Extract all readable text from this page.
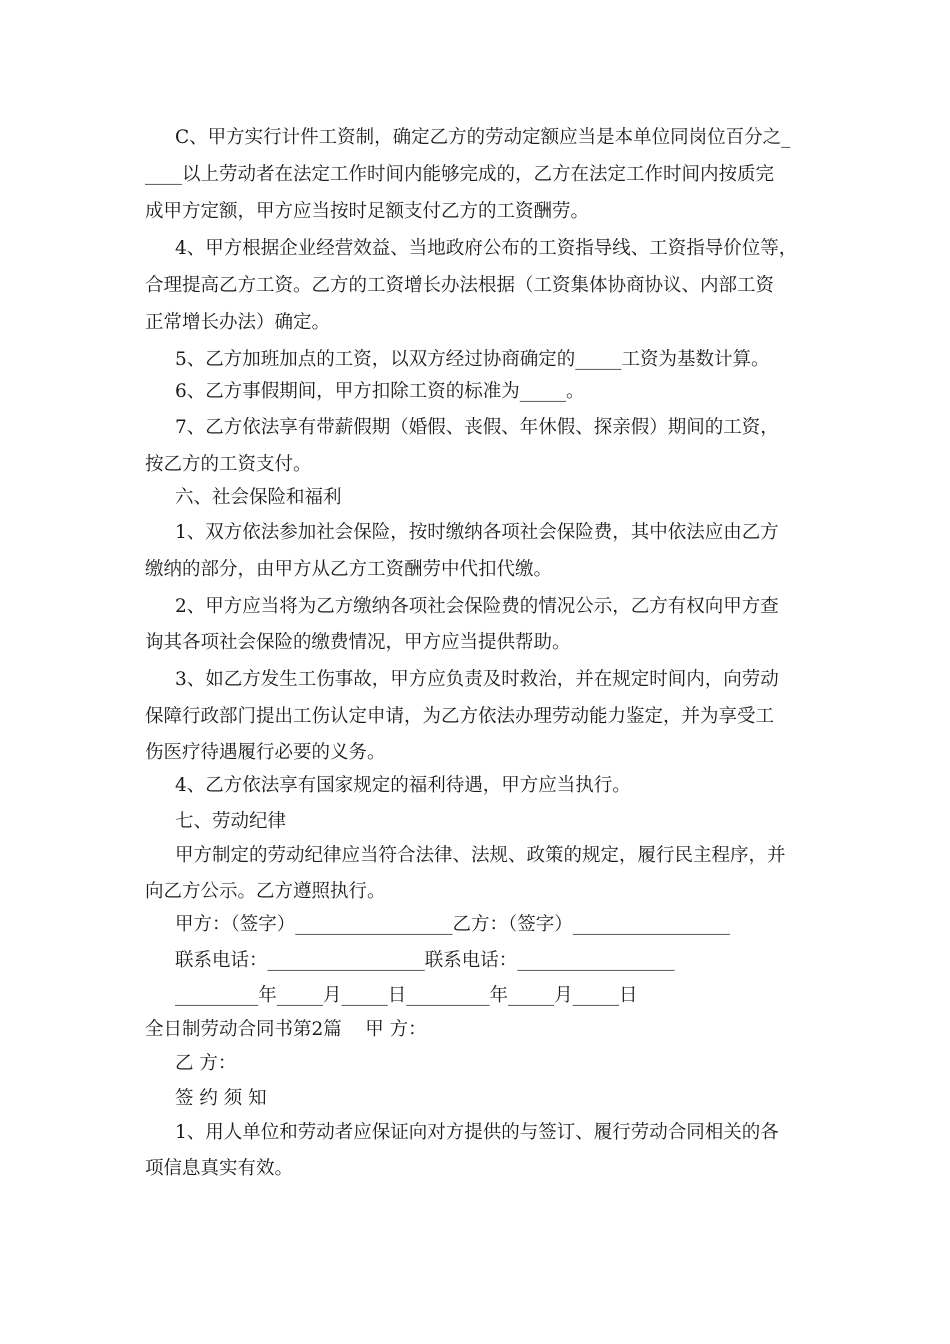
C、甲方实行计件工资制，确定乙方的劳动定额应当是本单位同岗位百分之_
____以上劳动者在法定工作时间内能够完成的，乙方在法定工作时间内按质完
成甲方定额，甲方应当按时足额支付乙方的工资酬劳。
4、甲方根据企业经营效益、当地政府公布的工资指导线、工资指导价位等，
合理提高乙方工资。乙方的工资增长办法根据（工资集体协商协议、内部工资
正常增长办法）确定。
5、乙方加班加点的工资，以双方经过协商确定的_____工资为基数计算。
6、乙方事假期间，甲方扣除工资的标准为_____。
7、乙方依法享有带薪假期（婚假、丧假、年休假、探亲假）期间的工资，
按乙方的工资支付。
六、社会保险和福利
1、双方依法参加社会保险，按时缴纳各项社会保险费，其中依法应由乙方
缴纳的部分，由甲方从乙方工资酬劳中代扣代缴。
2、甲方应当将为乙方缴纳各项社会保险费的情况公示，乙方有权向甲方查
询其各项社会保险的缴费情况，甲方应当提供帮助。
3、如乙方发生工伤事故，甲方应负责及时救治，并在规定时间内，向劳动
保障行政部门提出工伤认定申请，为乙方依法办理劳动能力鉴定，并为享受工
伤医疗待遇履行必要的义务。
4、乙方依法享有国家规定的福利待遇，甲方应当执行。
七、劳动纪律
甲方制定的劳动纪律应当符合法律、法规、政策的规定，履行民主程序，并
向乙方公示。乙方遵照执行。
甲方：（签字）_________________乙方：（签字）_________________
联系电话：_________________联系电话：_________________
_________年_____月_____日_________年_____月_____日
全日制劳动合同书第2篇    甲 方：
乙 方：
签 约 须 知
1、用人单位和劳动者应保证向对方提供的与签订、履行劳动合同相关的各
项信息真实有效。
